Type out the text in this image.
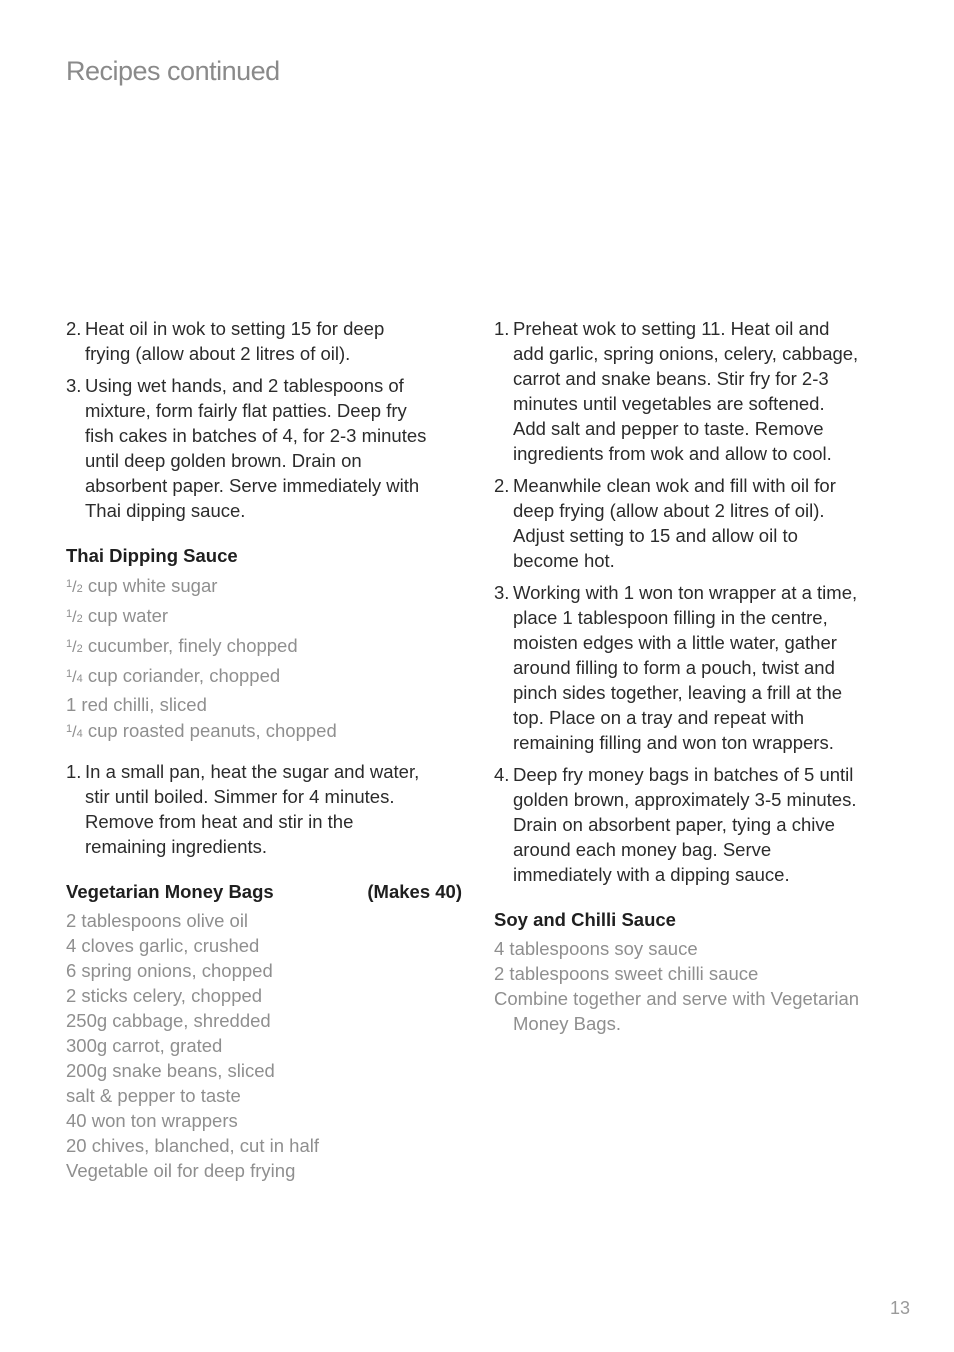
Recipes continued
2. Heat oil in wok to setting 15 for deep
frying (allow about 2 litres of oil).
3. Using wet hands, and 2 tablespoons of
mixture, form fairly flat patties. Deep fry
fish cakes in batches of 4, for 2-3 minutes
until deep golden brown. Drain on
absorbent paper. Serve immediately with
Thai dipping sauce.
Thai Dipping Sauce
$^1$/2 cup white sugar
$^1$/2 cup water
$^1$/2 cucumber, finely chopped
$^1$/4 cup coriander, chopped
1 red chilli, sliced
$^1$/4 cup roasted peanuts, chopped
1. In a small pan, heat the sugar and water,
stir until boiled. Simmer for 4 minutes.
Remove from heat and stir in the
remaining ingredients.
Vegetarian Money Bags	(Makes 40)
2 tablespoons olive oil
4 cloves garlic, crushed
6 spring onions, chopped
2 sticks celery, chopped
250g cabbage, shredded
300g carrot, grated
200g snake beans, sliced
salt & pepper to taste
40 won ton wrappers
20 chives, blanched, cut in half
Vegetable oil for deep frying
1. Preheat wok to setting 11. Heat oil and
add garlic, spring onions, celery, cabbage,
carrot and snake beans. Stir fry for 2-3
minutes until vegetables are softened.
Add salt and pepper to taste. Remove
ingredients from wok and allow to cool.
2. Meanwhile clean wok and fill with oil for
deep frying (allow about 2 litres of oil).
Adjust setting to 15 and allow oil to
become hot.
3. Working with 1 won ton wrapper at a time,
place 1 tablespoon filling in the centre,
moisten edges with a little water, gather
around filling to form a pouch, twist and
pinch sides together, leaving a frill at the
top. Place on a tray and repeat with
remaining filling and won ton wrappers.
4. Deep fry money bags in batches of 5 until
golden brown, approximately 3-5 minutes.
Drain on absorbent paper, tying a chive
around each money bag. Serve
immediately with a dipping sauce.
Soy and Chilli Sauce
4 tablespoons soy sauce
2 tablespoons sweet chilli sauce
Combine together and serve with Vegetarian
Money Bags.
13
